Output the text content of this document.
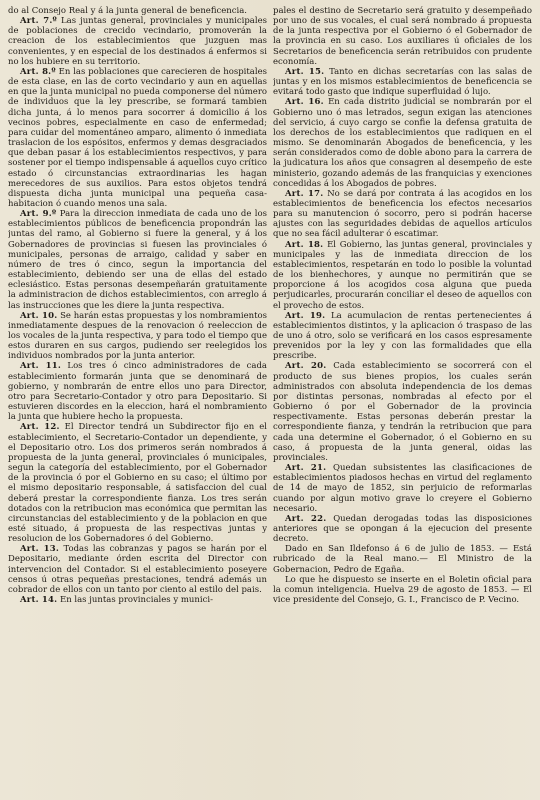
do al Consejo Real y á la junta general de beneficencia.

Art. 7.º Las juntas general, provinciales y municipales de poblaciones de crecido vecindario, promoverán la creacion de los establecimientos que juzguen mas convenientes, y en especial de los destinados á enfermos si no los hubiere en su territorio.

Art. 8.º En las poblaciones que carecieren de hospitales de esta clase, en las de corto vecindario y aun en aquellas en que la junta municipal no pueda componerse del número de individuos que la ley prescribe, se formará tambien dicha junta, á lo menos para socorrer á domicilio á los vecinos pobres, especialmente en caso de enfermedad; para cuidar del momentáneo amparo, alimento ó inmediata traslacion de los espósitos, enfermos y demas desgraciados que deban pasar á los establecimientos respectivos, y para sostener por el tiempo indispensable á aquellos cuyo crítico estado ó circunstancias extraordinarias les hagan merecedores de sus auxilios. Para estos objetos tendrá dispuesta dicha junta municipal una pequeña casa-habitacion ó cuando menos una sala.

Art. 9.º Para la direccion inmediata de cada uno de los establecimientos públicos de beneficencia propondrán las juntas del ramo, al Gobierno si fuere la general, y á los Gobernadores de provincias si fuesen las provinciales ó municipales, personas de arraigo, calidad y saber en número de tres ó cinco, segun la importancia del establecimiento, debiendo ser una de ellas del estado eclesiástico. Estas personas desempeñarán gratuitamente la administracion de dichos establecimientos, con arreglo á las instrucciones que les diere la junta respectiva.

Art. 10. Se harán estas propuestas y los nombramientos inmediatamente despues de la renovacion ó reeleccion de los vocales de la junta respectiva, y para todo el tiempo que estos duraren en sus cargos, pudiendo ser reelegidos los individuos nombrados por la junta anterior.

Art. 11. Los tres ó cinco administradores de cada establecimiento formarán junta que se denominará de gobierno, y nombrarán de entre ellos uno para Director, otro para Secretario-Contador y otro para Depositario. Si estuvieren discordes en la eleccion, hará el nombramiento la junta que hubiere hecho la propuesta.

Art. 12. El Director tendrá un Subdirector fijo en el establecimiento, el Secretario-Contador un dependiente, y el Depositario otro. Los dos primeros serán nombrados á propuesta de la junta general, provinciales ó municipales, segun la categoría del establecimiento, por el Gobernador de la provincia ó por el Gobierno en su caso; el último por el mismo depositario responsable, á satisfaccion del cual deberá prestar la correspondiente fianza. Los tres serán dotados con la retribucion mas económica que permitan las circunstancias del establecimiento y de la poblacion en que esté situado, á propuesta de las respectivas juntas y resolucion de los Gobernadores ó del Gobierno.

Art. 13. Todas las cobranzas y pagos se harán por el Depositario, mediante órden escrita del Director con intervencion del Contador. Si el establecimiento poseyere censos ú otras pequeñas prestaciones, tendrá además un cobrador de ellos con un tanto por ciento al estilo del pais.

Art. 14. En las juntas provinciales y munici-

pales el destino de Secretario será gratuito y desempeñado por uno de sus vocales, el cual será nombrado á propuesta de la junta respectiva por el Gobierno ó el Gobernador de la provincia en su caso. Los auxiliares ú oficiales de los Secretarios de beneficencia serán retribuidos con prudente economía.

Art. 15. Tanto en dichas secretarías con las salas de juntas y en los mismos establecimientos de beneficencia se evitará todo gasto que indique superfluidad ó lujo.

Art. 16. En cada distrito judicial se nombrarán por el Gobierno uno ó mas letrados, segun exigan las atenciones del servicio, á cuyo cargo se confie la defensa gratuita de los derechos de los establecimientos que radiquen en el mismo. Se denominarán Abogados de beneficencia, y les serán considerados como de doble abono para la carrera de la judicatura los años que consagren al desempeño de este ministerio, gozando además de las franquicias y exenciones concedidas á los Abogados de pobres.

Art. 17. No se dará por contrata á las acogidos en los establecimientos de beneficencia los efectos necesarios para su manutencion ó socorro, pero si podrán hacerse ajustes con las seguridades debidas de aquellos artículos que no sea fácil adulterar ó escatimar.

Art. 18. El Gobierno, las juntas general, provinciales y municipales y las de inmediata direccion de los establecimientos, respetarán en todo lo posible la voluntad de los bienhechores, y aunque no permitirán que se proporcione á los acogidos cosa alguna que pueda perjudicarles, procurarán conciliar el deseo de aquellos con el provecho de estos.

Art. 19. La acumulacion de rentas pertenecientes á establecimientos distintos, y la aplicacion ó traspaso de las de uno á otro, solo se verificará en los casos espresamente prevenidos por la ley y con las formalidades que ella prescribe.

Art. 20. Cada establecimiento se socorrerá con el producto de sus bienes propios, los cuales serán administrados con absoluta independencia de los demas por distintas personas, nombradas al efecto por el Gobierno ó por el Gobernador de la provincia respectivamente. Estas personas deberán prestar la correspondiente fianza, y tendrán la retribucion que para cada una determine el Gobernador, ó el Gobierno en su caso, á propuesta de la junta general, oidas las provinciales.

Art. 21. Quedan subsistentes las clasificaciones de establecimientos piadosos hechas en virtud del reglamento de 14 de mayo de 1852, sin perjuicio de reformarlas cuando por algun motivo grave lo creyere el Gobierno necesario.

Art. 22. Quedan derogadas todas las disposiciones anteriores que se opongan á la ejecucion del presente decreto.

Dado en San Ildefonso á 6 de julio de 1853. — Está rubricado de la Real mano.— El Ministro de la Gobernacion, Pedro de Egaña.

Lo que he dispuesto se inserte en el Boletin oficial para la comun inteligencia. Huelva 29 de agosto de 1853. — El vice presidente del Consejo, G. I., Francisco de P. Vecino.
